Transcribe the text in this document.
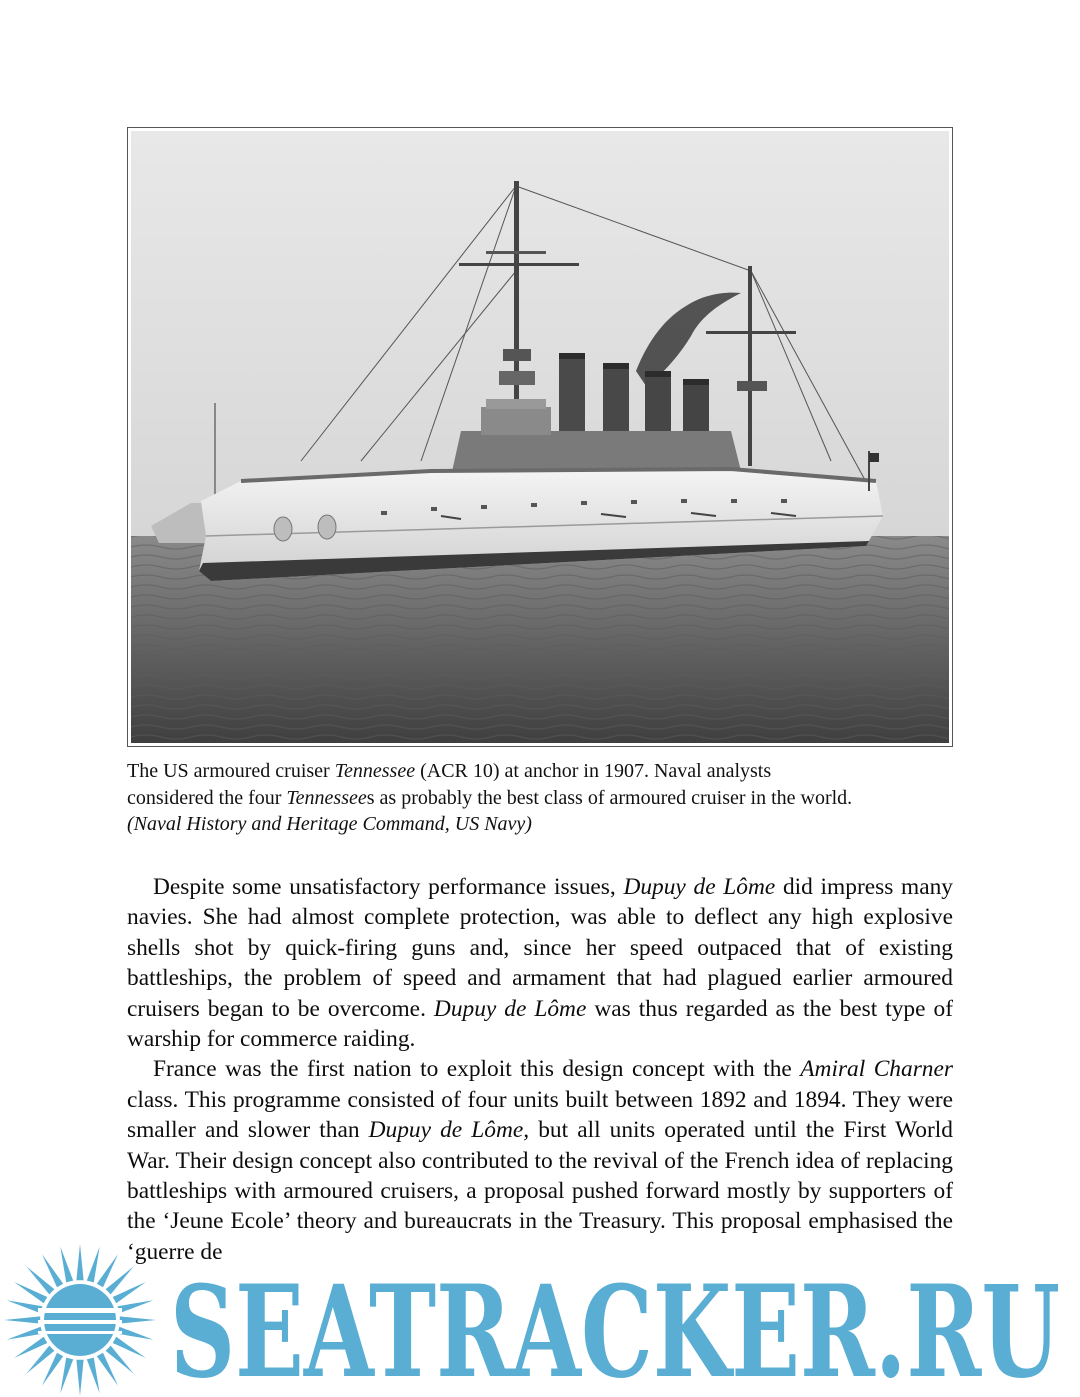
The US armoured cruiser Tennessee (ACR 10) at anchor in 1907. Naval analysts

considered the four Tennessees as probably the best class of armoured cruiser in the world.

(Naval History and Heritage Command, US Navy)

Despite some unsatisfactory performance issues, Dupuy de Lôme did impress many navies. She had almost complete protection, was able to deflect any high explosive shells shot by quick-firing guns and, since her speed outpaced that of existing battleships, the problem of speed and armament that had plagued earlier armoured cruisers began to be overcome. Dupuy de Lôme was thus regarded as the best type of warship for commerce raiding.

France was the first nation to exploit this design concept with the Amiral Charner class. This programme consisted of four units built between 1892 and 1894. They were smaller and slower than Dupuy de Lôme, but all units operated until the First World War. Their design concept also contributed to the revival of the French idea of replacing battleships with armoured cruisers, a proposal pushed forward mostly by supporters of the ‘Jeune Ecole’ theory and bureaucrats in the Treasury. This proposal emphasised the ‘guerre de

SEATRACKER.RU
